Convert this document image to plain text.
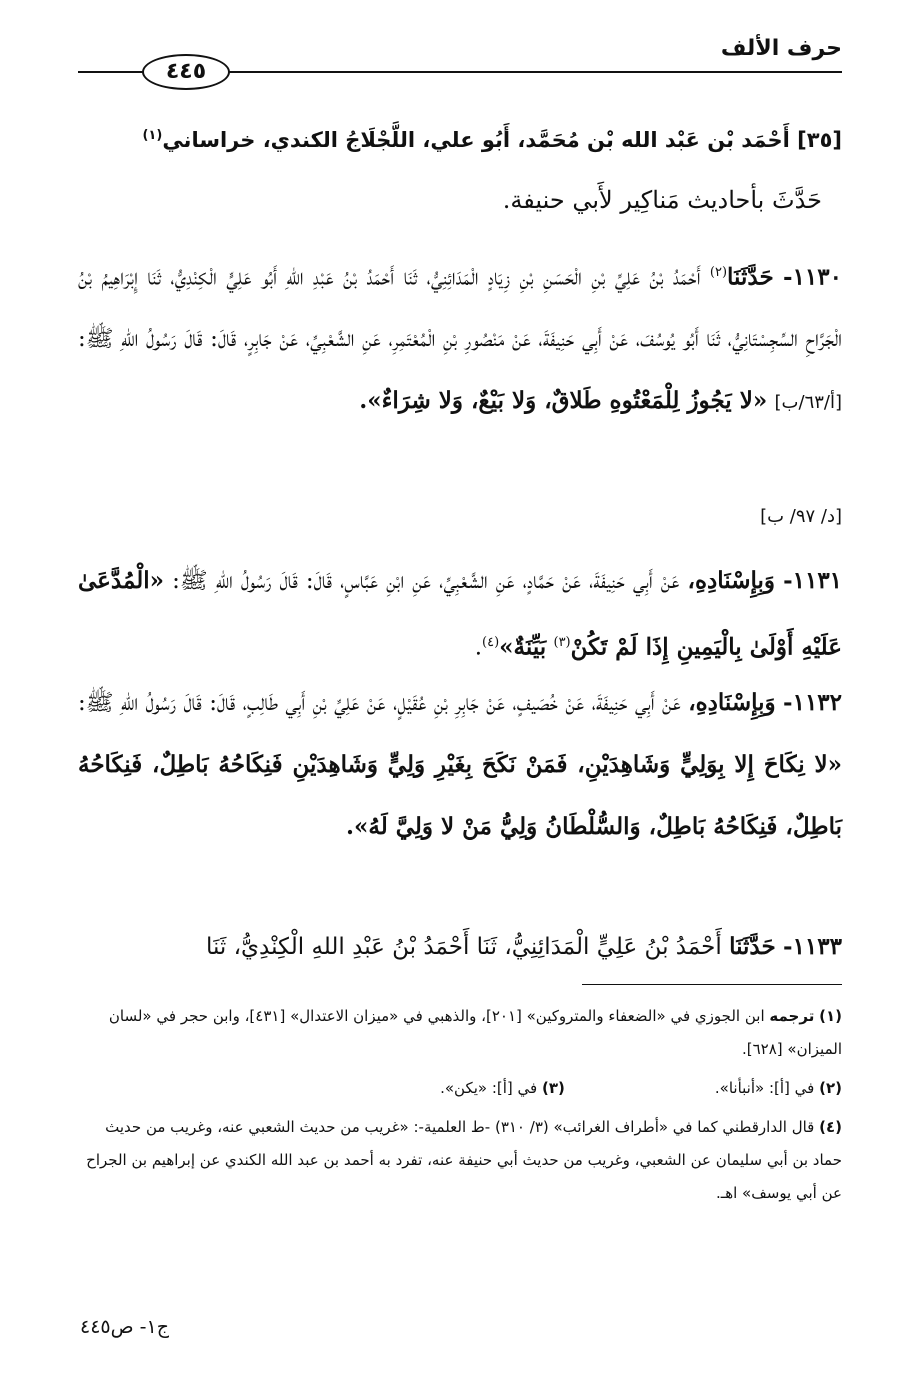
حرف الألف
٤٤٥
[٣٥] أَحْمَد بْن عَبْد الله بْن مُحَمَّد، أَبُو علي، اللَّجْلَاجُ الكندي، خراساني$^{(١)}$
حَدَّثَ بأحاديث مَناكِير لأَبي حنيفة.
١١٣٠- حَدَّثَنَا$^{(٢)}$ أَحْمَدُ بْنُ عَلِيِّ بْنِ الْحَسَنِ بْنِ زِيَادٍ الْمَدَائِنِيُّ، ثَنَا أَحْمَدُ بْنُ عَبْدِ اللهِ أَبُو عَلِيٍّ الْكِنْدِيُّ، ثَنَا إِبْرَاهِيمُ بْنُ الْجَرَّاحِ السِّجِسْتَانِيُّ، ثَنَا أَبُو يُوسُفَ، عَنْ أَبِي حَنِيفَةَ، عَنْ مَنْصُورِ بْنِ الْمُعْتَمِرِ، عَنِ الشَّعْبِيِّ، عَنْ جَابِرٍ، قَالَ: قَالَ رَسُولُ اللهِ ﷺ: [أ/٦٣/ب] «لا يَجُوزُ لِلْمَعْتُوهِ طَلاقٌ، وَلا بَيْعٌ، وَلا شِرَاءٌ».
[د/ ٩٧/ ب]
١١٣١- وَبِإِسْنَادِهِ، عَنْ أَبِي حَنِيفَةَ، عَنْ حَمَّادٍ، عَنِ الشَّعْبِيِّ، عَنِ ابْنِ عَبَّاسٍ، قَالَ: قَالَ رَسُولُ اللهِ ﷺ: «الْمُدَّعَىٰ عَلَيْهِ أَوْلَىٰ بِالْيَمِينِ إِذَا لَمْ تَكُنْ$^{(٣)}$ بَيِّنَةٌ»$^{(٤)}$.
١١٣٢- وَبِإِسْنَادِهِ، عَنْ أَبِي حَنِيفَةَ، عَنْ خُصَيفٍ، عَنْ جَابِرِ بْنِ عُقَيْلٍ، عَنْ عَلِيِّ بْنِ أَبِي طَالِبٍ، قَالَ: قَالَ رَسُولُ اللهِ ﷺ: «لا نِكَاحَ إِلا بِوَلِيٍّ وَشَاهِدَيْنِ، فَمَنْ نَكَحَ بِغَيْرِ وَلِيٍّ وَشَاهِدَيْنِ فَنِكَاحُهُ بَاطِلٌ، فَنِكَاحُهُ بَاطِلٌ، فَنِكَاحُهُ بَاطِلٌ، وَالسُّلْطَانُ وَلِيُّ مَنْ لا وَلِيَّ لَهُ».
١١٣٣- حَدَّثَنَا أَحْمَدُ بْنُ عَلِيٍّ الْمَدَائِنِيُّ، ثَنَا أَحْمَدُ بْنُ عَبْدِ اللهِ الْكِنْدِيُّ، ثَنَا
(١) ترجمه ابن الجوزي في «الضعفاء والمتروكين» [٢٠١]، والذهبي في «ميزان الاعتدال» [٤٣١]، وابن حجر في «لسان الميزان» [٦٢٨].
(٢) في [أ]: «أنبأنا».
(٣) في [أ]: «يكن».
(٤) قال الدارقطني كما في «أطراف الغرائب» (٣/ ٣١٠) -ط العلمية-: «غريب من حديث الشعبي عنه، وغريب من حديث حماد بن أبي سليمان عن الشعبي، وغريب من حديث أبي حنيفة عنه، تفرد به أحمد بن عبد الله الكندي عن إبراهيم بن الجراح عن أبي يوسف» اهـ.
ج١- ص٤٤٥
